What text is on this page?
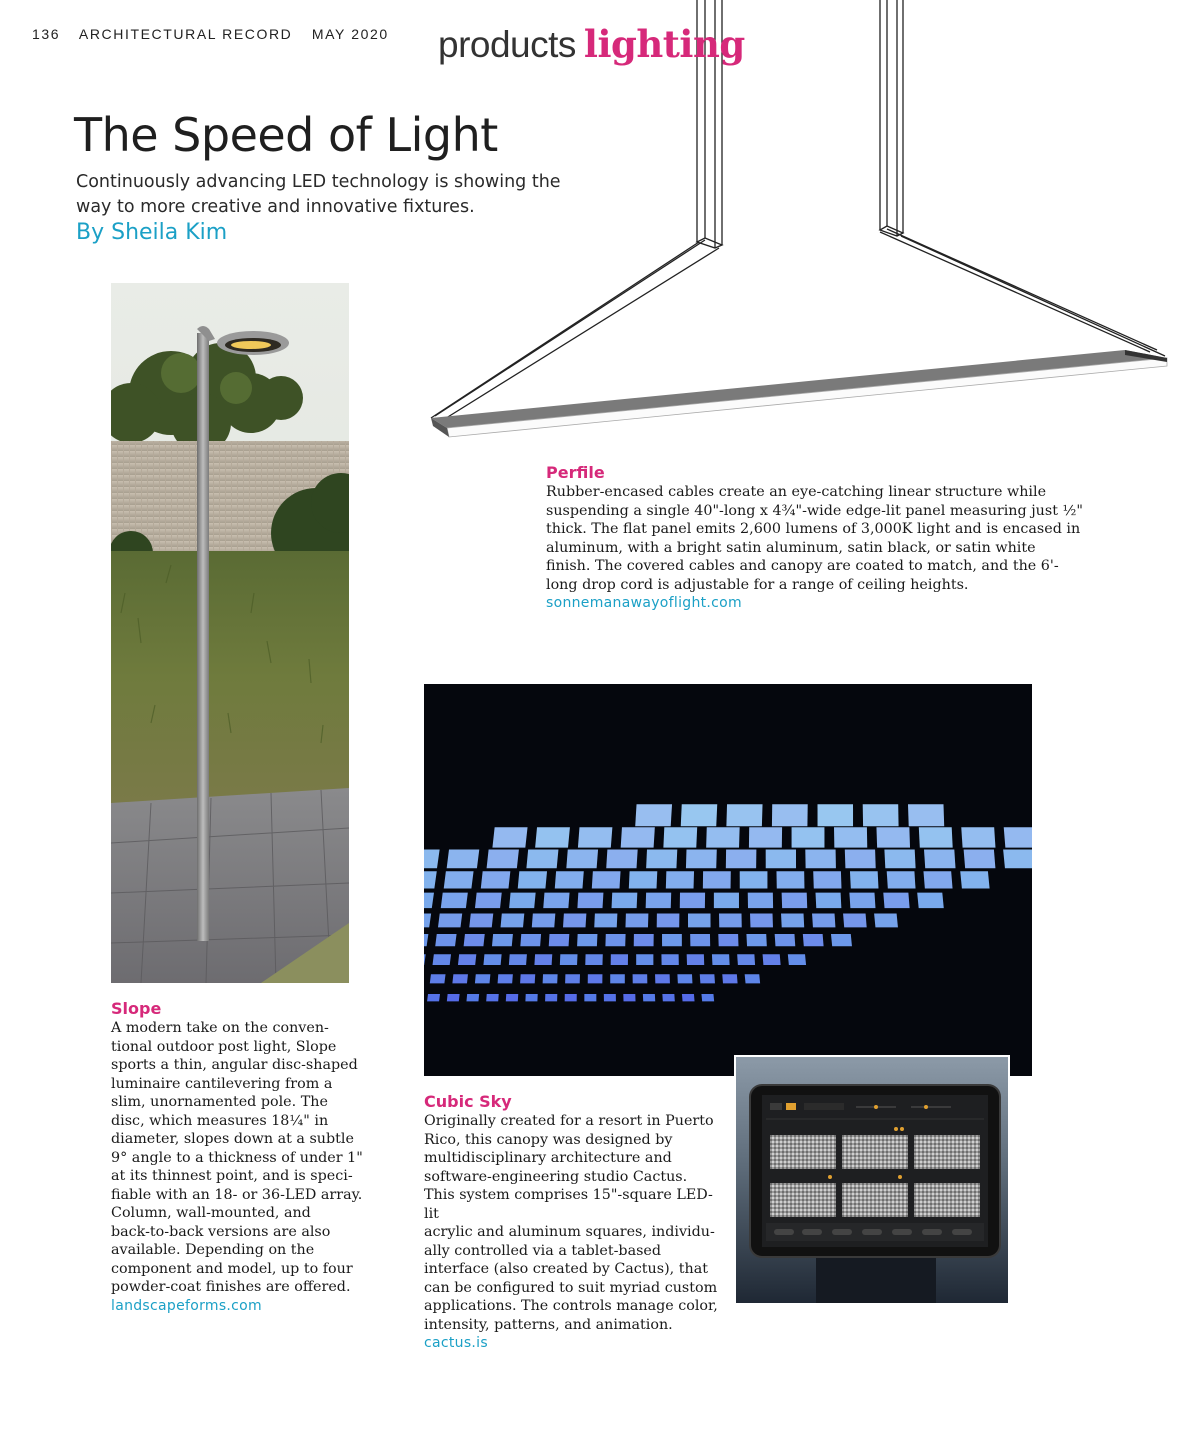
136 ARCHITECTURAL RECORD MAY 2020	products lighting
The Speed of Light
Continuously advancing LED technology is showing the
way to more creative and innovative fixtures.
By Sheila Kim
Perfile
Rubber-encased cables create an eye-catching linear structure while
suspending a single 40"-long x 4¾"-wide edge-lit panel measuring just ½"
thick. The flat panel emits 2,600 lumens of 3,000K light and is encased in
aluminum, with a bright satin aluminum, satin black, or satin white
finish. The covered cables and canopy are coated to match, and the 6'-
long drop cord is adjustable for a range of ceiling heights.
sonnemanawayoflight.com
Slope
A modern take on the conven-
tional outdoor post light, Slope
sports a thin, angular disc-shaped
luminaire cantilevering from a
slim, unornamented pole. The
disc, which measures 18¼" in
diameter, slopes down at a subtle
9° angle to a thickness of under 1"
at its thinnest point, and is speci-
fiable with an 18- or 36-LED array.
Column, wall-mounted, and
back-to-back versions are also
available. Depending on the
component and model, up to four
powder-coat finishes are offered.
landscapeforms.com
Cubic Sky
Originally created for a resort in Puerto
Rico, this canopy was designed by
multidisciplinary architecture and
software-engineering studio Cactus.
This system comprises 15"-square LED-lit
acrylic and aluminum squares, individu-
ally controlled via a tablet-based
interface (also created by Cactus), that
can be configured to suit myriad custom
applications. The controls manage color,
intensity, patterns, and animation.
cactus.is
